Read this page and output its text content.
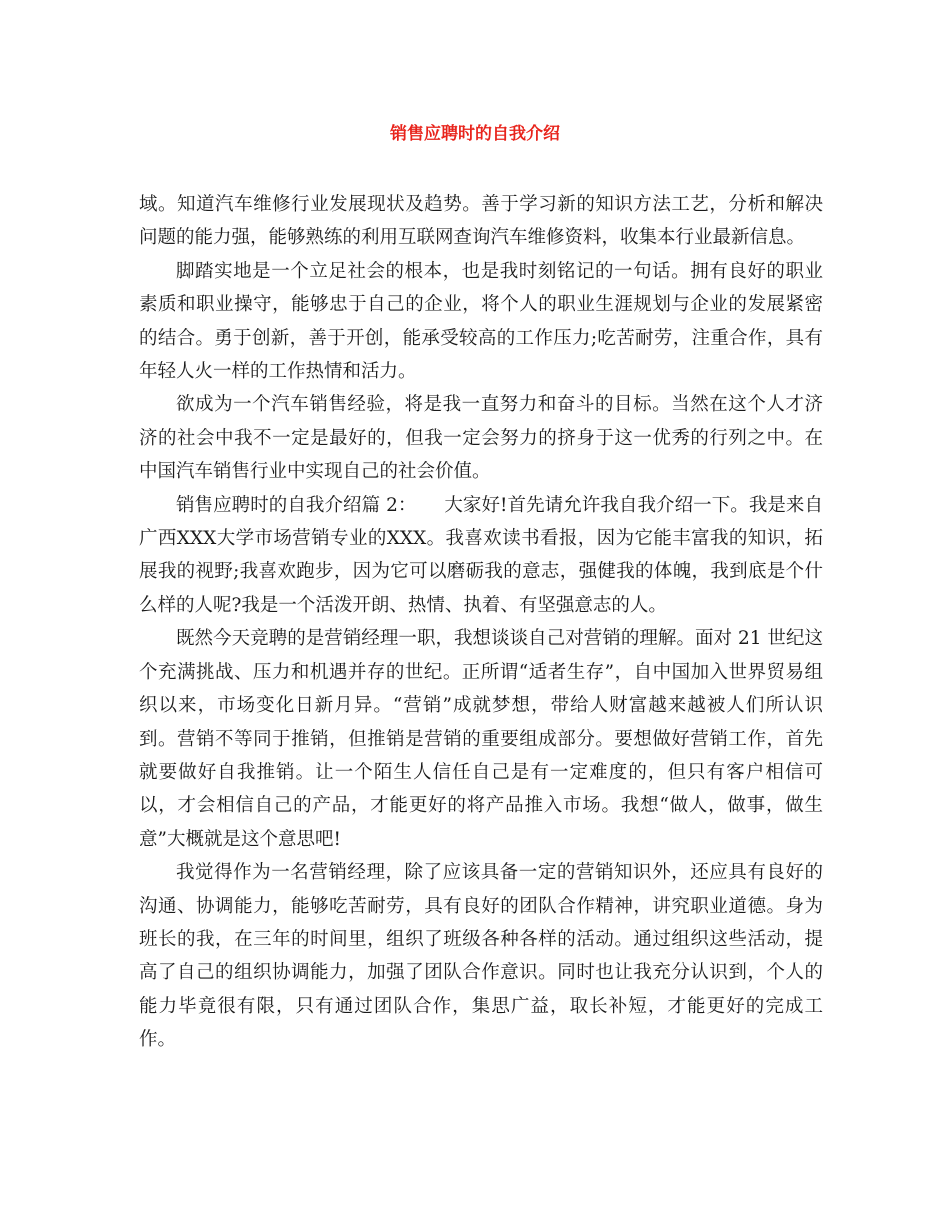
销售应聘时的自我介绍

域。知道汽车维修行业发展现状及趋势。善于学习新的知识方法工艺，分析和解决问题的能力强，能够熟练的利用互联网查询汽车维修资料，收集本行业最新信息。

脚踏实地是一个立足社会的根本，也是我时刻铭记的一句话。拥有良好的职业素质和职业操守，能够忠于自己的企业，将个人的职业生涯规划与企业的发展紧密的结合。勇于创新，善于开创，能承受较高的工作压力;吃苦耐劳，注重合作，具有年轻人火一样的工作热情和活力。

欲成为一个汽车销售经验，将是我一直努力和奋斗的目标。当然在这个人才济济的社会中我不一定是最好的，但我一定会努力的挤身于这一优秀的行列之中。在中国汽车销售行业中实现自己的社会价值。

销售应聘时的自我介绍篇 2：　　大家好!首先请允许我自我介绍一下。我是来自广西XXX大学市场营销专业的XXX。我喜欢读书看报，因为它能丰富我的知识，拓展我的视野;我喜欢跑步，因为它可以磨砺我的意志，强健我的体魄，我到底是个什么样的人呢?我是一个活泼开朗、热情、执着、有坚强意志的人。

既然今天竞聘的是营销经理一职，我想谈谈自己对营销的理解。面对 21 世纪这个充满挑战、压力和机遇并存的世纪。正所谓“适者生存”，自中国加入世界贸易组织以来，市场变化日新月异。“营销”成就梦想，带给人财富越来越被人们所认识到。营销不等同于推销，但推销是营销的重要组成部分。要想做好营销工作，首先就要做好自我推销。让一个陌生人信任自己是有一定难度的，但只有客户相信可以，才会相信自己的产品，才能更好的将产品推入市场。我想“做人，做事，做生意”大概就是这个意思吧!

我觉得作为一名营销经理，除了应该具备一定的营销知识外，还应具有良好的沟通、协调能力，能够吃苦耐劳，具有良好的团队合作精神，讲究职业道德。身为班长的我，在三年的时间里，组织了班级各种各样的活动。通过组织这些活动，提高了自己的组织协调能力，加强了团队合作意识。同时也让我充分认识到，个人的能力毕竟很有限，只有通过团队合作，集思广益，取长补短，才能更好的完成工作。
